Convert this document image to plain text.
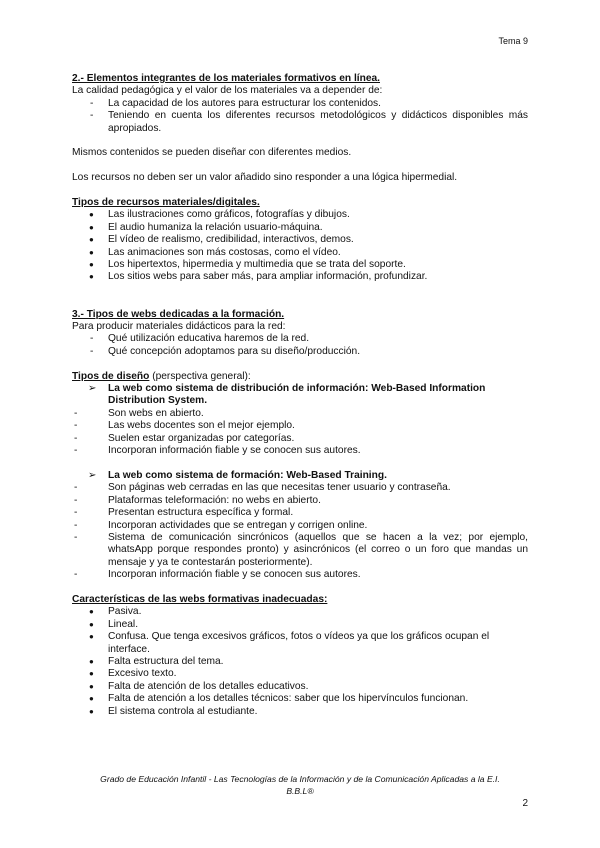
Tema 9

2.- Elementos integrantes de los materiales formativos en línea.

La calidad pedagógica y el valor de los materiales va a depender de:

- La capacidad de los autores para estructurar los contenidos.
- Teniendo en cuenta los diferentes recursos metodológicos y didácticos disponibles más apropiados.

Mismos contenidos se pueden diseñar con diferentes medios.

Los recursos no deben ser un valor añadido sino responder a una lógica hipermedial.

Tipos de recursos materiales/digitales.

● Las ilustraciones como gráficos, fotografías y dibujos.
● El audio humaniza la relación usuario-máquina.
● El vídeo de realismo, credibilidad, interactivos, demos.
● Las animaciones son más costosas, como el vídeo.
● Los hipertextos, hipermedia y multimedia que se trata del soporte.
● Los sitios webs para saber más, para ampliar información, profundizar.

3.- Tipos de webs dedicadas a la formación.

Para producir materiales didácticos para la red:

- Qué utilización educativa haremos de la red.
- Qué concepción adoptamos para su diseño/producción.

Tipos de diseño (perspectiva general):

➢ La web como sistema de distribución de información: Web-Based Information Distribution System.
- Son webs en abierto.
- Las webs docentes son el mejor ejemplo.
- Suelen estar organizadas por categorías.
- Incorporan información fiable y se conocen sus autores.
➢ La web como sistema de formación: Web-Based Training.
- Son páginas web cerradas en las que necesitas tener usuario y contraseña.
- Plataformas teleformación: no webs en abierto.
- Presentan estructura específica y formal.
- Incorporan actividades que se entregan y corrigen online.
- Sistema de comunicación sincrónicos (aquellos que se hacen a la vez; por ejemplo, whatsApp porque respondes pronto) y asincrónicos (el correo o un foro que mandas un mensaje y ya te contestarán posteriormente).
- Incorporan información fiable y se conocen sus autores.

Características de las webs formativas inadecuadas:

● Pasiva.
● Lineal.
● Confusa. Que tenga excesivos gráficos, fotos o vídeos ya que los gráficos ocupan el interface.
● Falta estructura del tema.
● Excesivo texto.
● Falta de atención de los detalles educativos.
● Falta de atención a los detalles técnicos: saber que los hipervínculos funcionan.
● El sistema controla al estudiante.
Grado de Educación Infantil - Las Tecnologías de la Información y de la Comunicación Aplicadas a la E.I.
B.B.L®
2
